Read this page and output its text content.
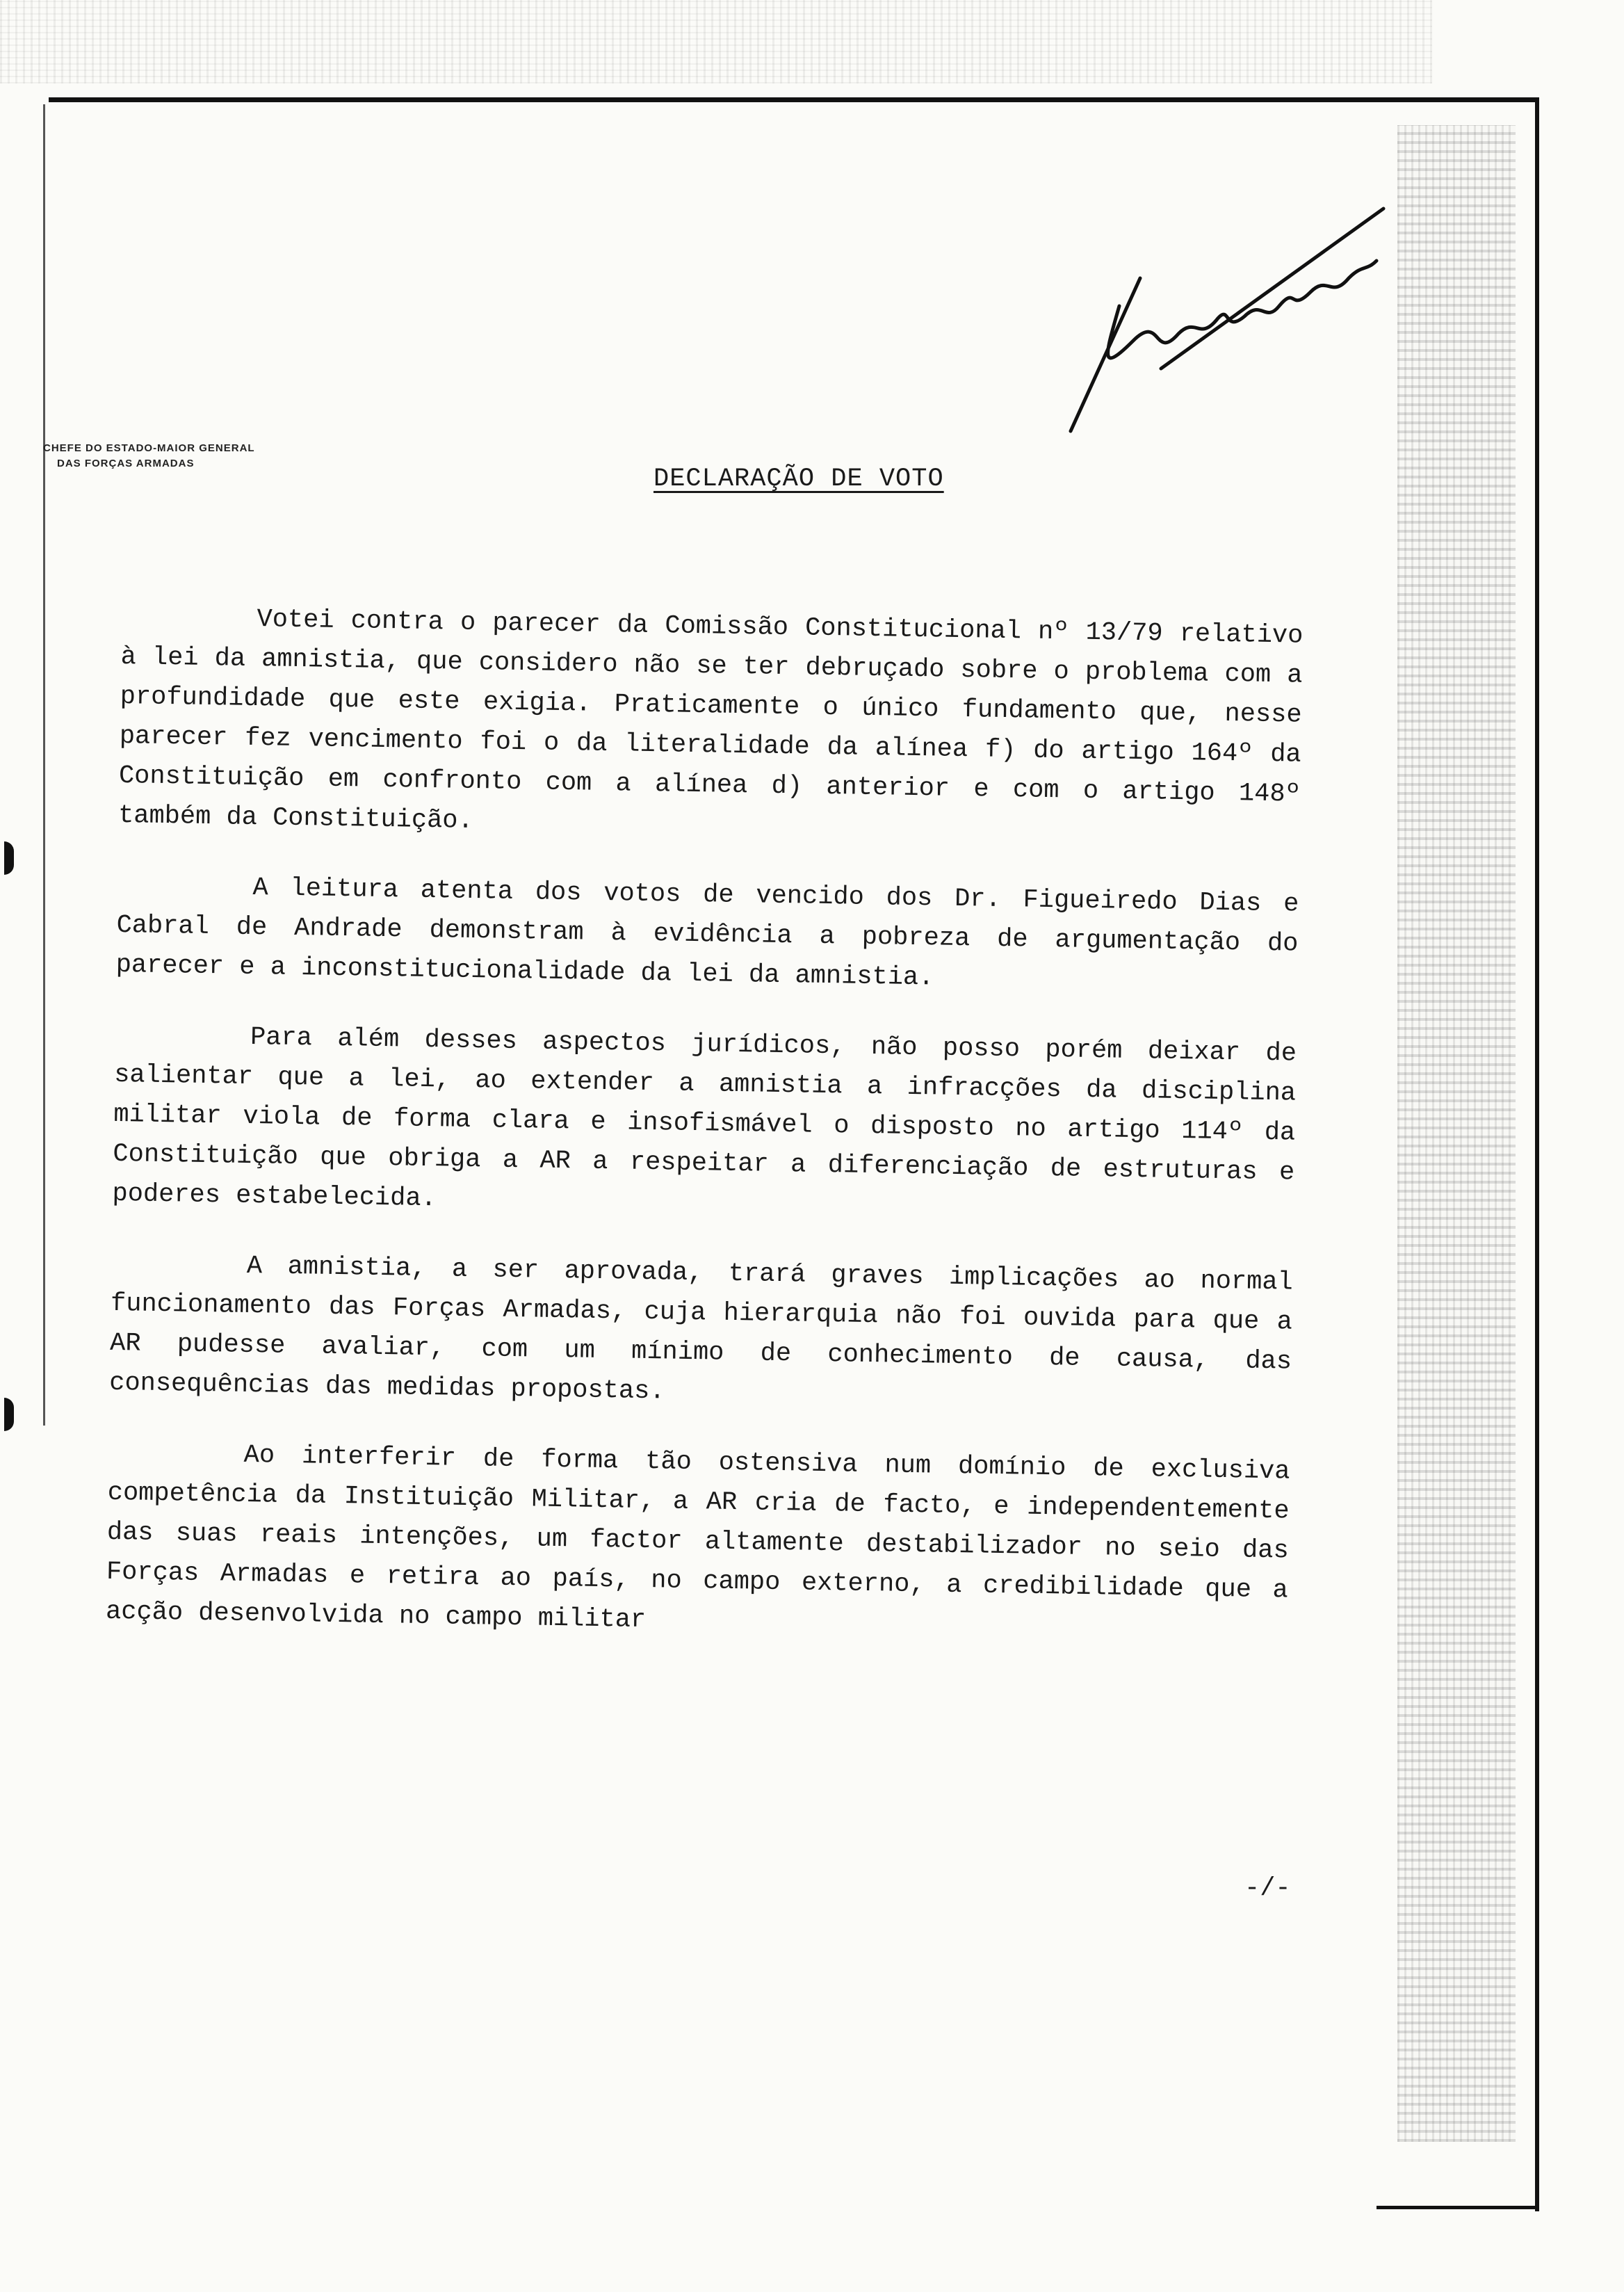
CHEFE DO ESTADO-MAIOR GENERAL
DAS FORÇAS ARMADAS
DECLARAÇÃO DE VOTO

Votei contra o parecer da Comissão Constitucional nº 13/79 relativo à lei da amnistia, que considero não se ter debruçado sobre o problema com a profundidade que este exigia. Praticamente o único fundamento que, nesse parecer fez vencimento foi o da literalidade da alínea f) do artigo 164º da Constituição em confronto com a alínea d) anterior e com o artigo 148º também da Constituição.

A leitura atenta dos votos de vencido dos Dr. Figueiredo Dias e Cabral de Andrade demonstram à evidência a pobreza de argumentação do parecer e a inconstitucionalidade da lei da amnistia.

Para além desses aspectos jurídicos, não posso porém deixar de salientar que a lei, ao extender a amnistia a infracções da disciplina militar viola de forma clara e insofismável o disposto no artigo 114º da Constituição que obriga a AR a respeitar a diferenciação de estruturas e poderes estabelecida.

A amnistia, a ser aprovada, trará graves implicações ao normal funcionamento das Forças Armadas, cuja hierarquia não foi ouvida para que a AR pudesse avaliar, com um mínimo de conhecimento de causa, das consequências das medidas propostas.

Ao interferir de forma tão ostensiva num domínio de exclusiva competência da Instituição Militar, a AR cria de facto, e independentemente das suas reais intenções, um factor altamente destabilizador no seio das Forças Armadas e retira ao país, no campo externo, a credibilidade que a acção desenvolvida no campo militar

-/-
